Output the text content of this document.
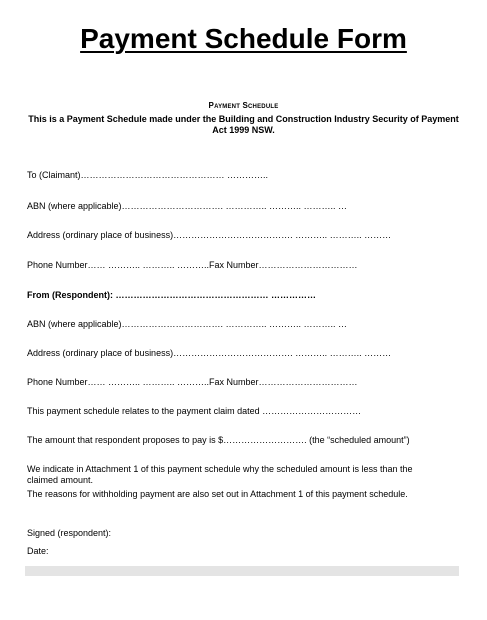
Payment Schedule Form
Payment Schedule
This is a Payment Schedule made under the Building and Construction Industry Security of Payment Act 1999 NSW.
To (Claimant)………………………………………… …………..
ABN (where applicable)……………………………. ………….. ……….. ……….. …
Address (ordinary place of business)…………………………………. ……….. ……….. ………
Phone Number…… ……….. ……….. ………..Fax Number……………………………
From (Respondent): …………………………………………… ……………
ABN (where applicable)……………………………. ………….. ……….. ……….. …
Address (ordinary place of business)…………………………………. ……….. ……….. ………
Phone Number…… ……….. ……….. ………..Fax Number……………………………
This payment schedule relates to the payment claim dated ……………………………
The amount that respondent proposes to pay is $………………………. (the “scheduled amount”)
We indicate in Attachment 1 of this payment schedule why the scheduled amount is less than the claimed amount.
The reasons for withholding payment are also set out in Attachment 1 of this payment schedule.
Signed (respondent):
Date:
